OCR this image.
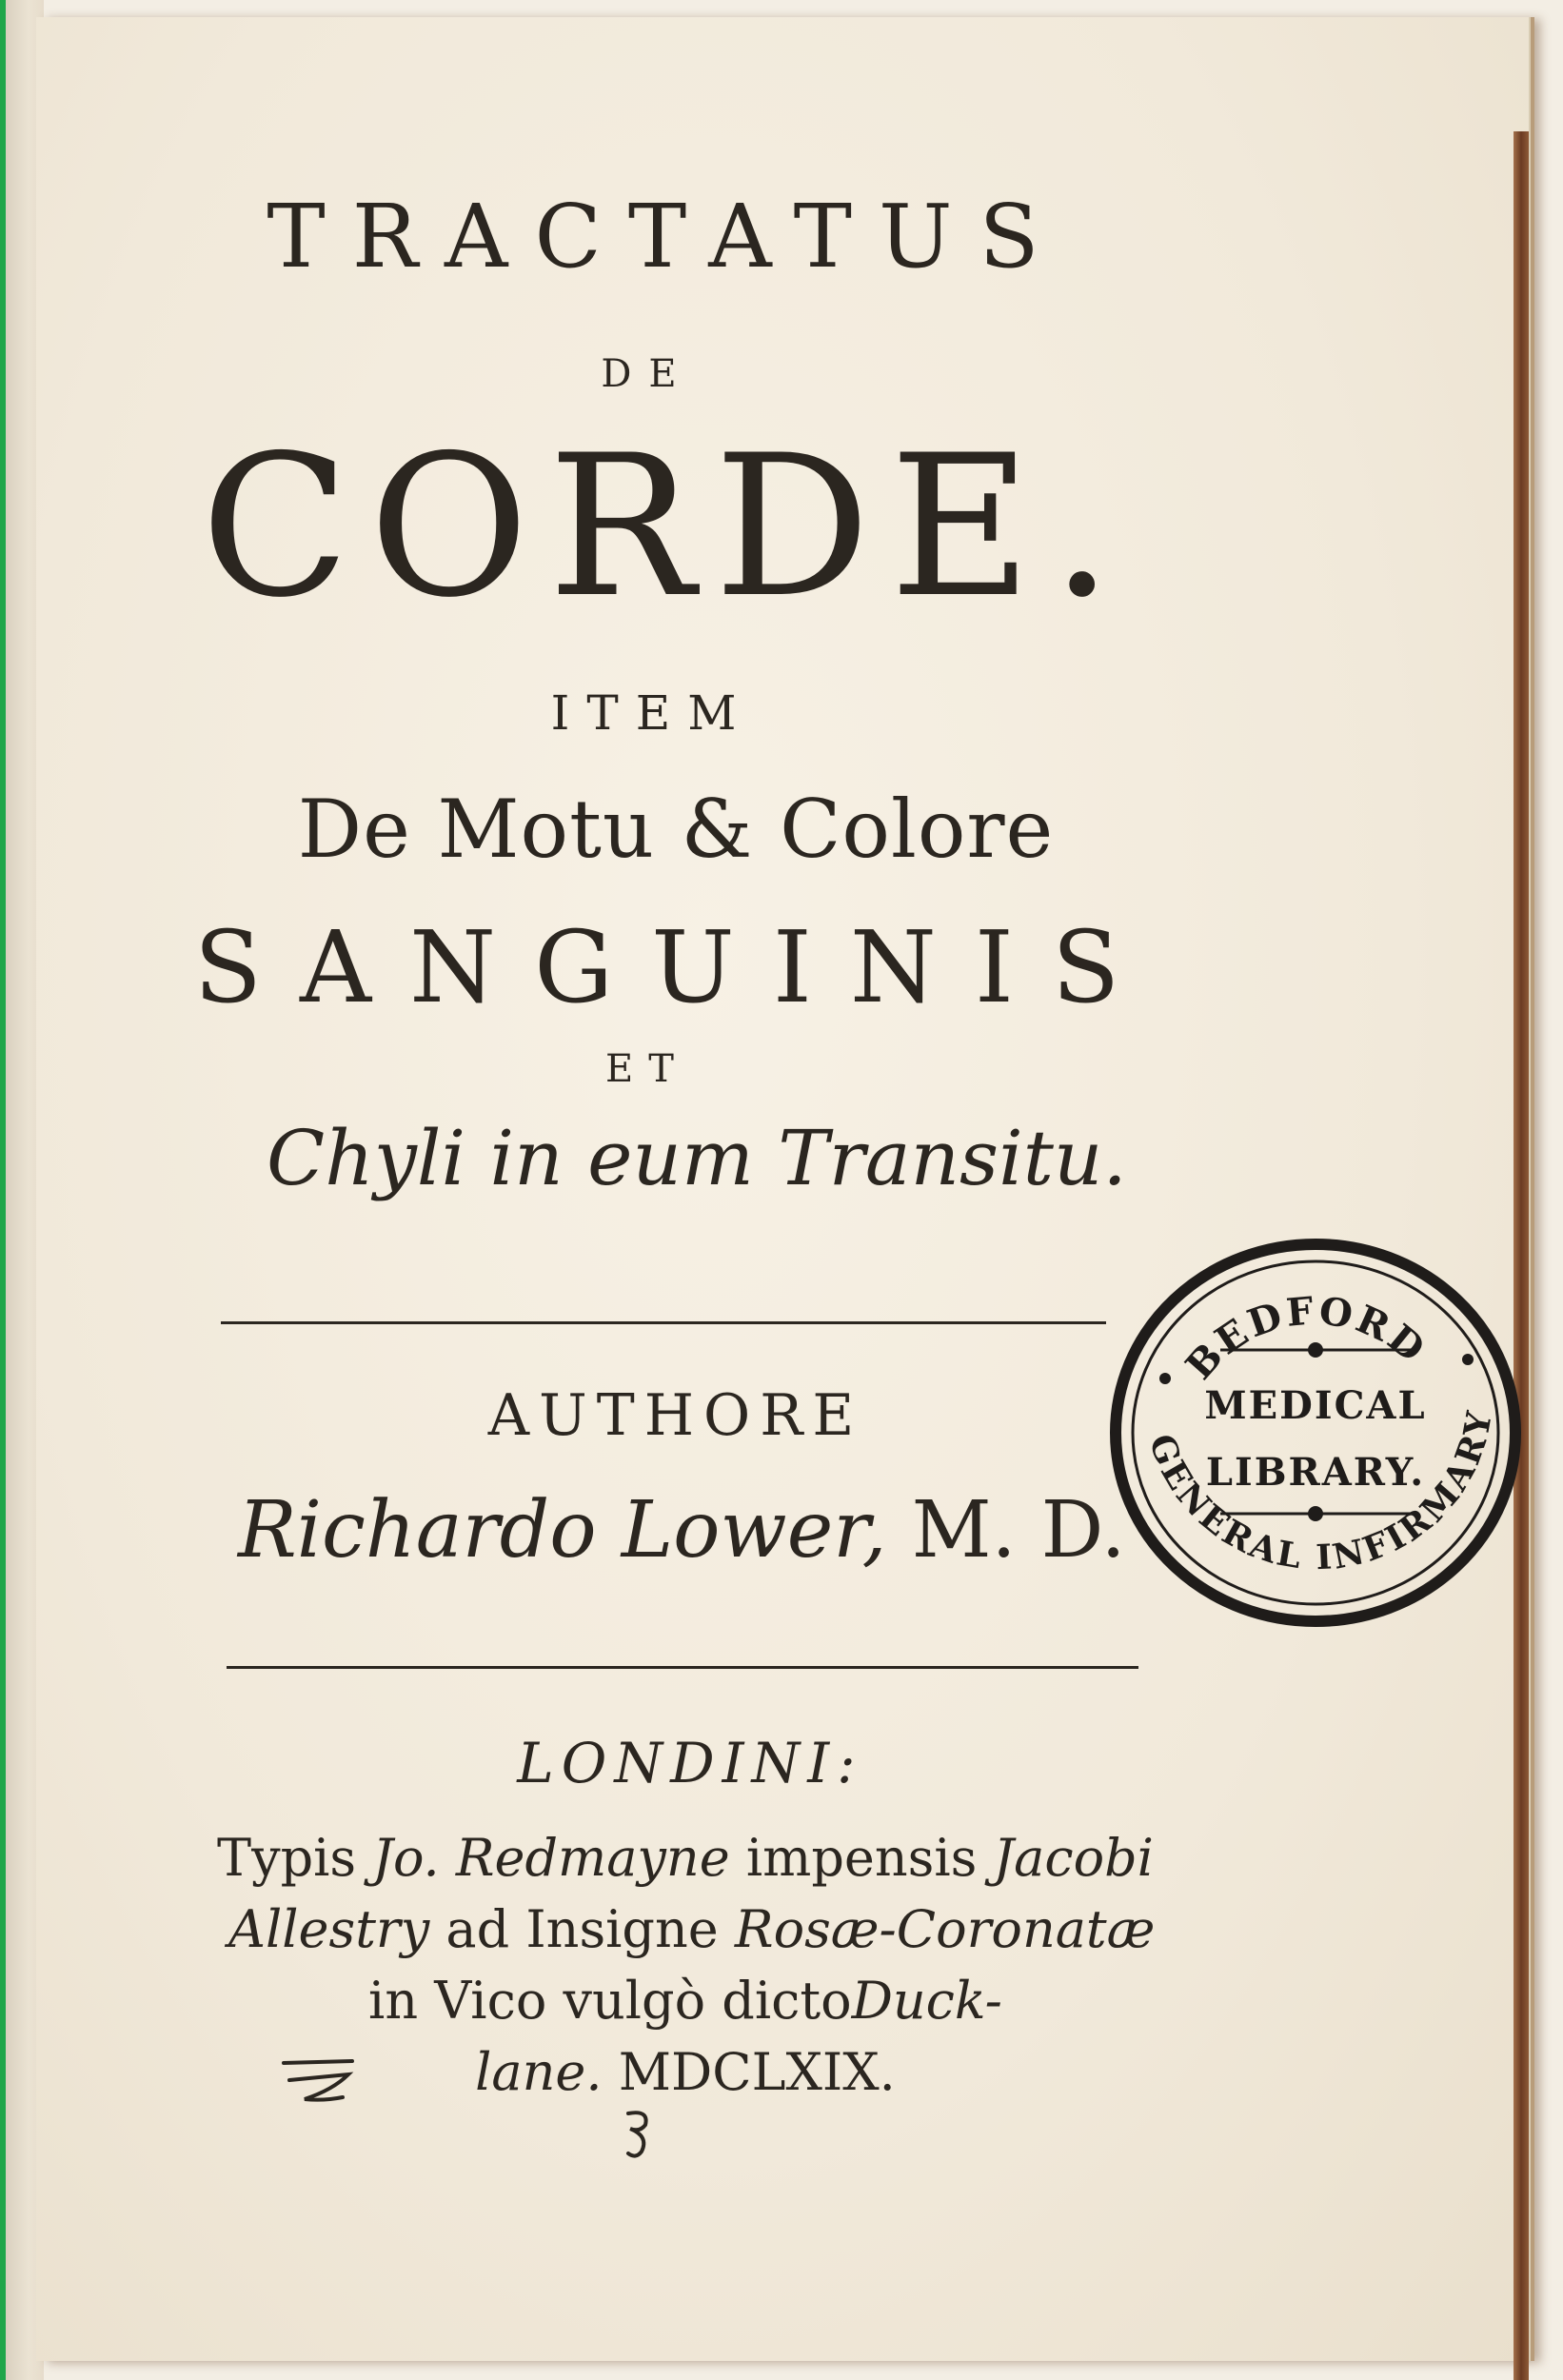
TRACTATUS
DE
CORDE.
ITEM
De Motu & Colore
SANGUINIS
ET
Chyli in eum Transitu.
AUTHORE
Richardo Lower, M. D.
LONDINI:
Typis Jo. Redmayne impensis Jacobi
Allestry ad Insigne Rosæ-Coronatæ
in Vico vulgò dictoDuck-
lane. MDCLXIX.
BEDFORD
GENERAL INFIRMARY
MEDICAL
LIBRARY.
